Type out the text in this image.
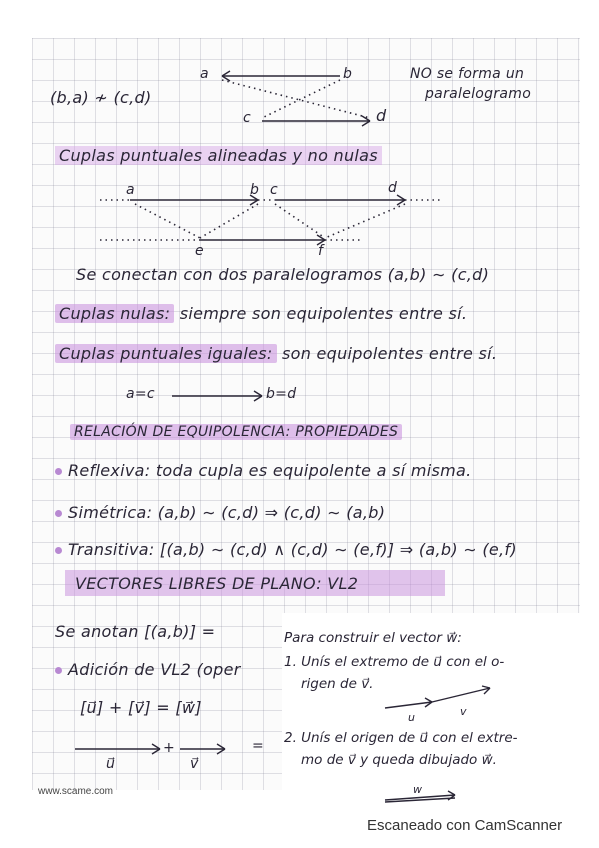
(b,a) ≁ (c,d)
a	b
c	d
NO se forma un
paralelogramo
Cuplas puntuales alineadas y no nulas
a	b c	d
e	f
Se conectan con dos paralelogramos (a,b) ∼ (c,d)
Cuplas nulas: siempre son equipolentes entre sí.
Cuplas puntuales iguales: son equipolentes entre sí.
a=c	b=d
RELACIÓN DE EQUIPOLENCIA: PROPIEDADES
Reflexiva: toda cupla es equipolente a sí misma.
Simétrica: (a,b) ∼ (c,d) ⇒ (c,d) ∼ (a,b)
Transitiva: [(a,b) ∼ (c,d) ∧ (c,d) ∼ (e,f)] ⇒ (a,b) ∼ (e,f)
VECTORES LIBRES DE PLANO: VL2
Se anotan [(a,b)] =
Adición de VL2 (oper
[u⃗] + [v⃗] = [w⃗]
+	=
u⃗	v⃗
Para construir el vector w⃗:
1. Unís el extremo de u⃗ con el o-
rigen de v⃗.
2. Unís el origen de u⃗ con el extre-
mo de v⃗ y queda dibujado w⃗.
u	v
w
www.scame.com
Escaneado con CamScanner
